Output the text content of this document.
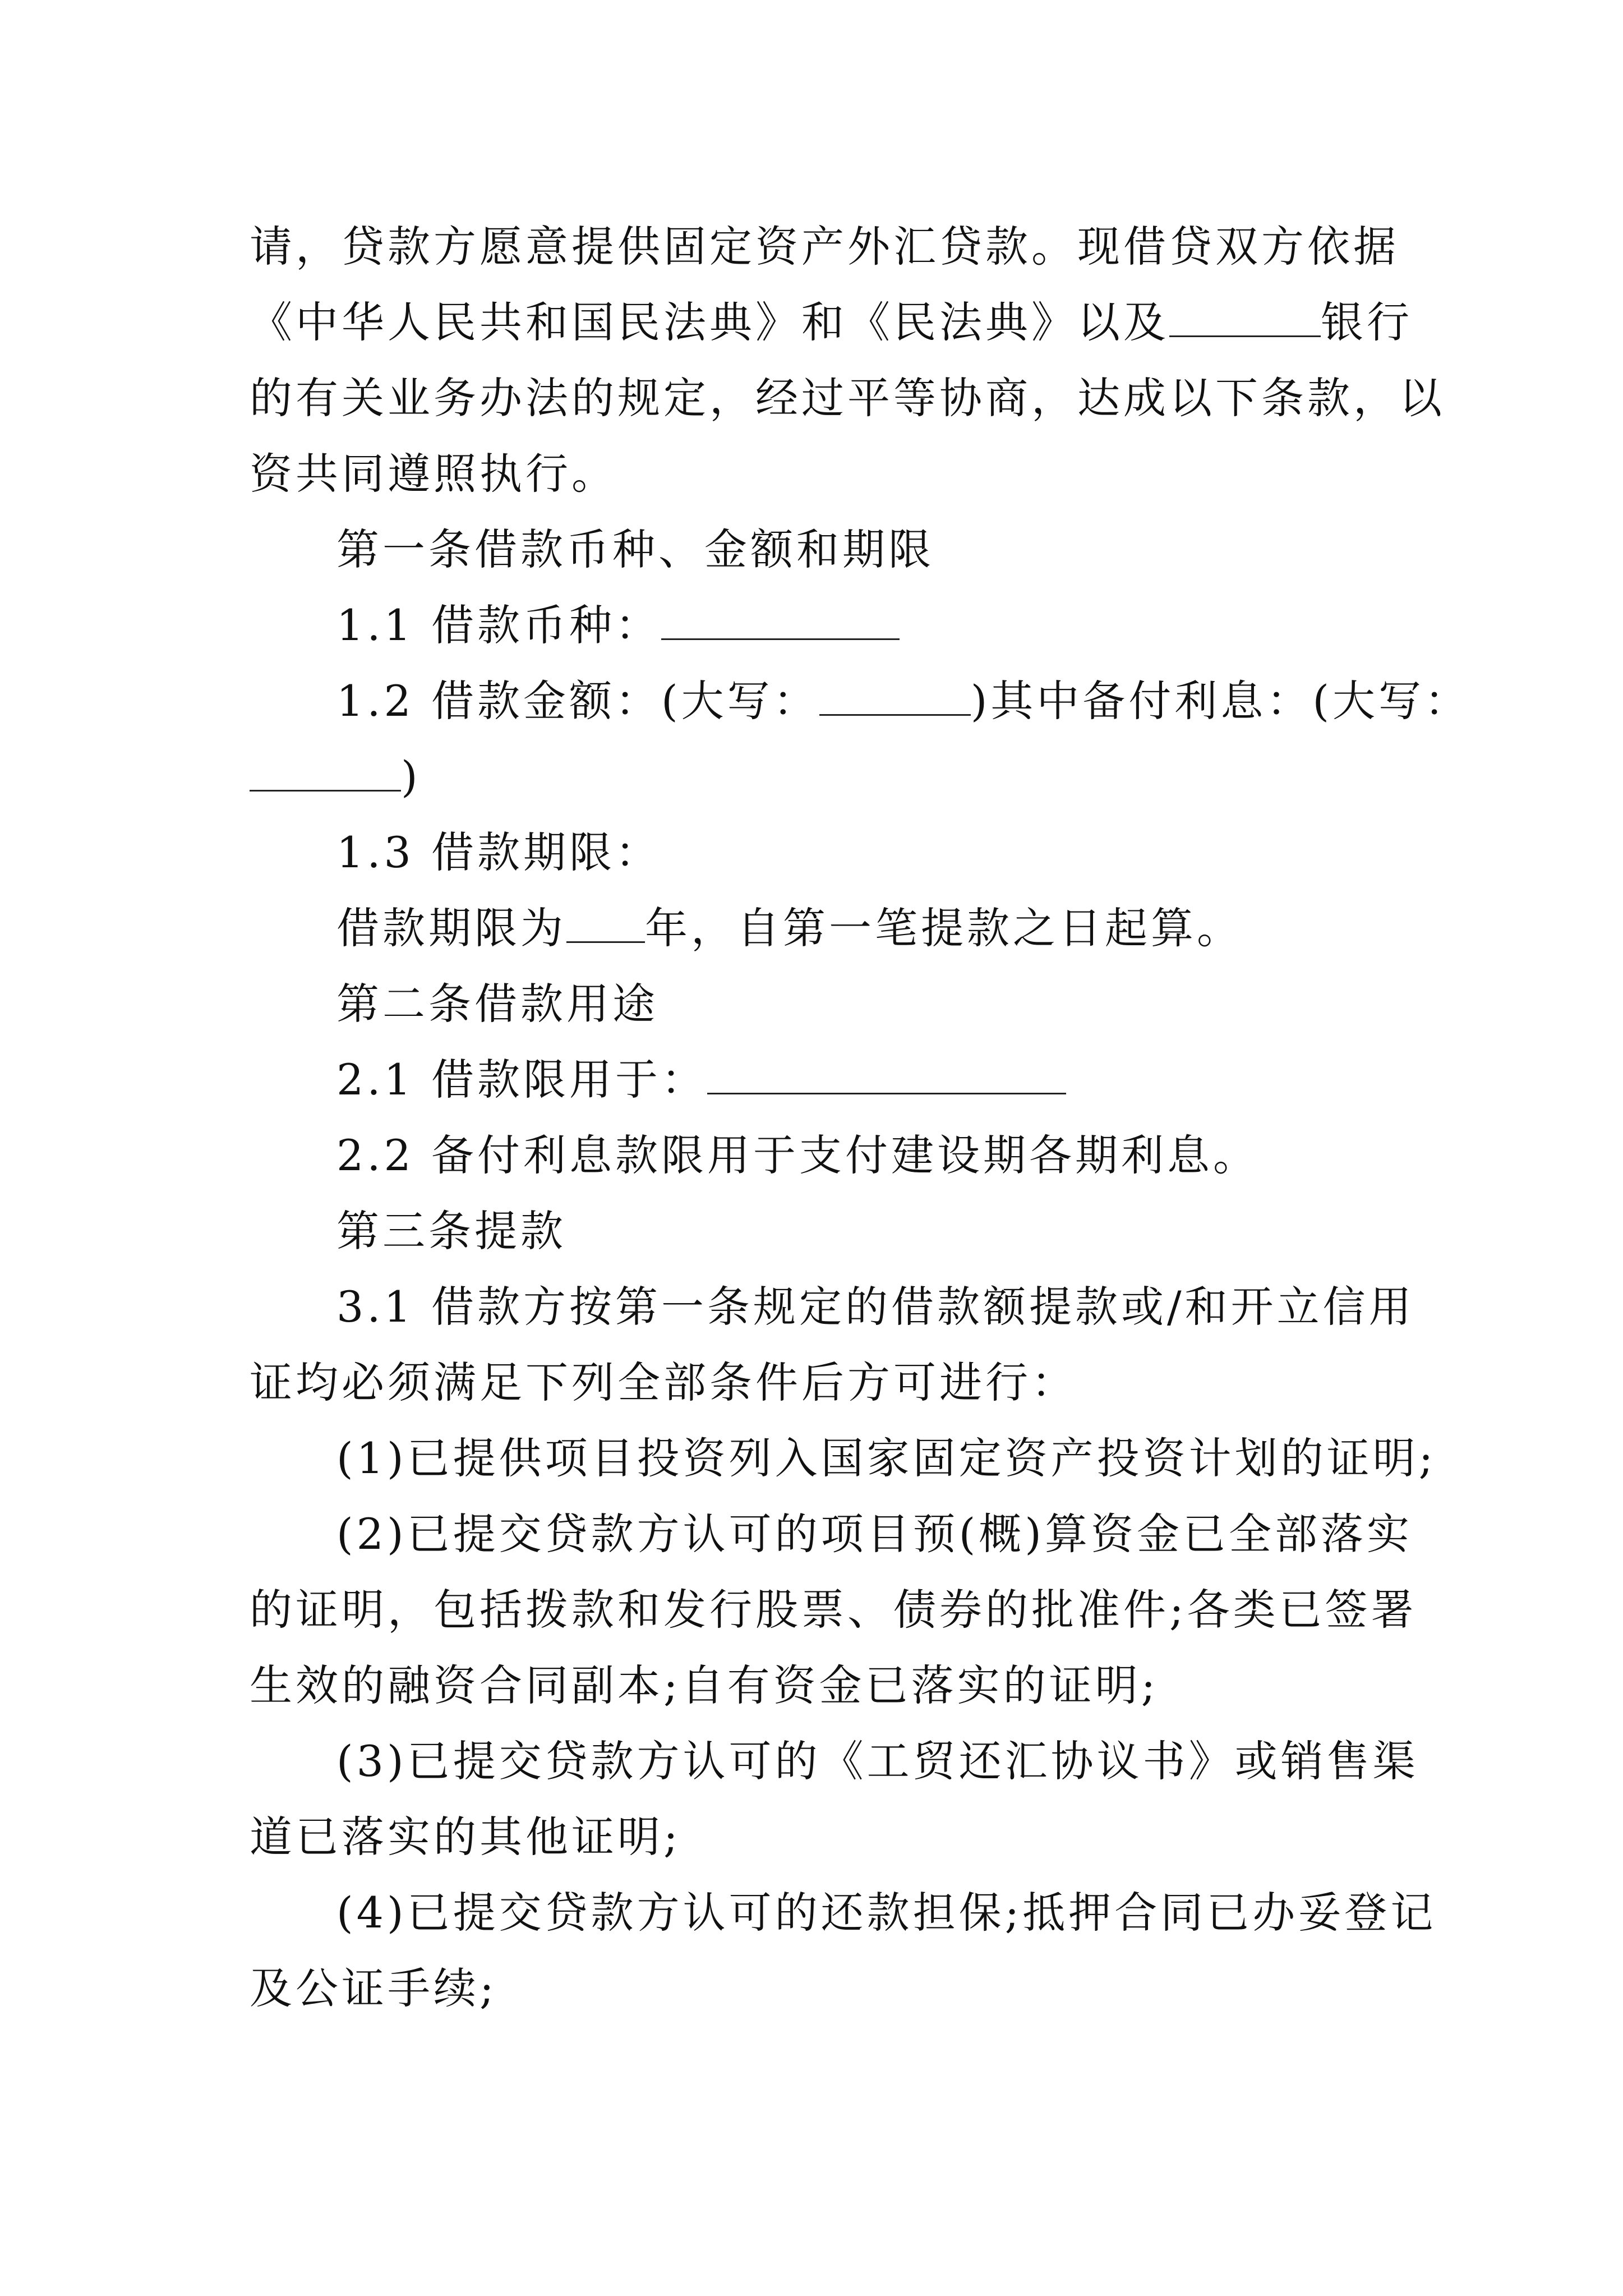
请，贷款方愿意提供固定资产外汇贷款。现借贷双方依据
《中华人民共和国民法典》和《民法典》以及	银行
的有关业务办法的规定，经过平等协商，达成以下条款，以
资共同遵照执行。
第一条借款币种、金额和期限
1.1 借款币种：
1.2 借款金额：(大写：	)其中备付利息：(大写：
)
1.3 借款期限：
借款期限为 年，自第一笔提款之日起算。
第二条借款用途
2.1 借款限用于：
2.2 备付利息款限用于支付建设期各期利息。
第三条提款
3.1 借款方按第一条规定的借款额提款或/和开立信用
证均必须满足下列全部条件后方可进行：
(1)已提供项目投资列入国家固定资产投资计划的证明;
(2)已提交贷款方认可的项目预(概)算资金已全部落实
的证明，包括拨款和发行股票、债券的批准件;各类已签署
生效的融资合同副本;自有资金已落实的证明;
(3)已提交贷款方认可的《工贸还汇协议书》或销售渠
道已落实的其他证明;
(4)已提交贷款方认可的还款担保;抵押合同已办妥登记
及公证手续;
